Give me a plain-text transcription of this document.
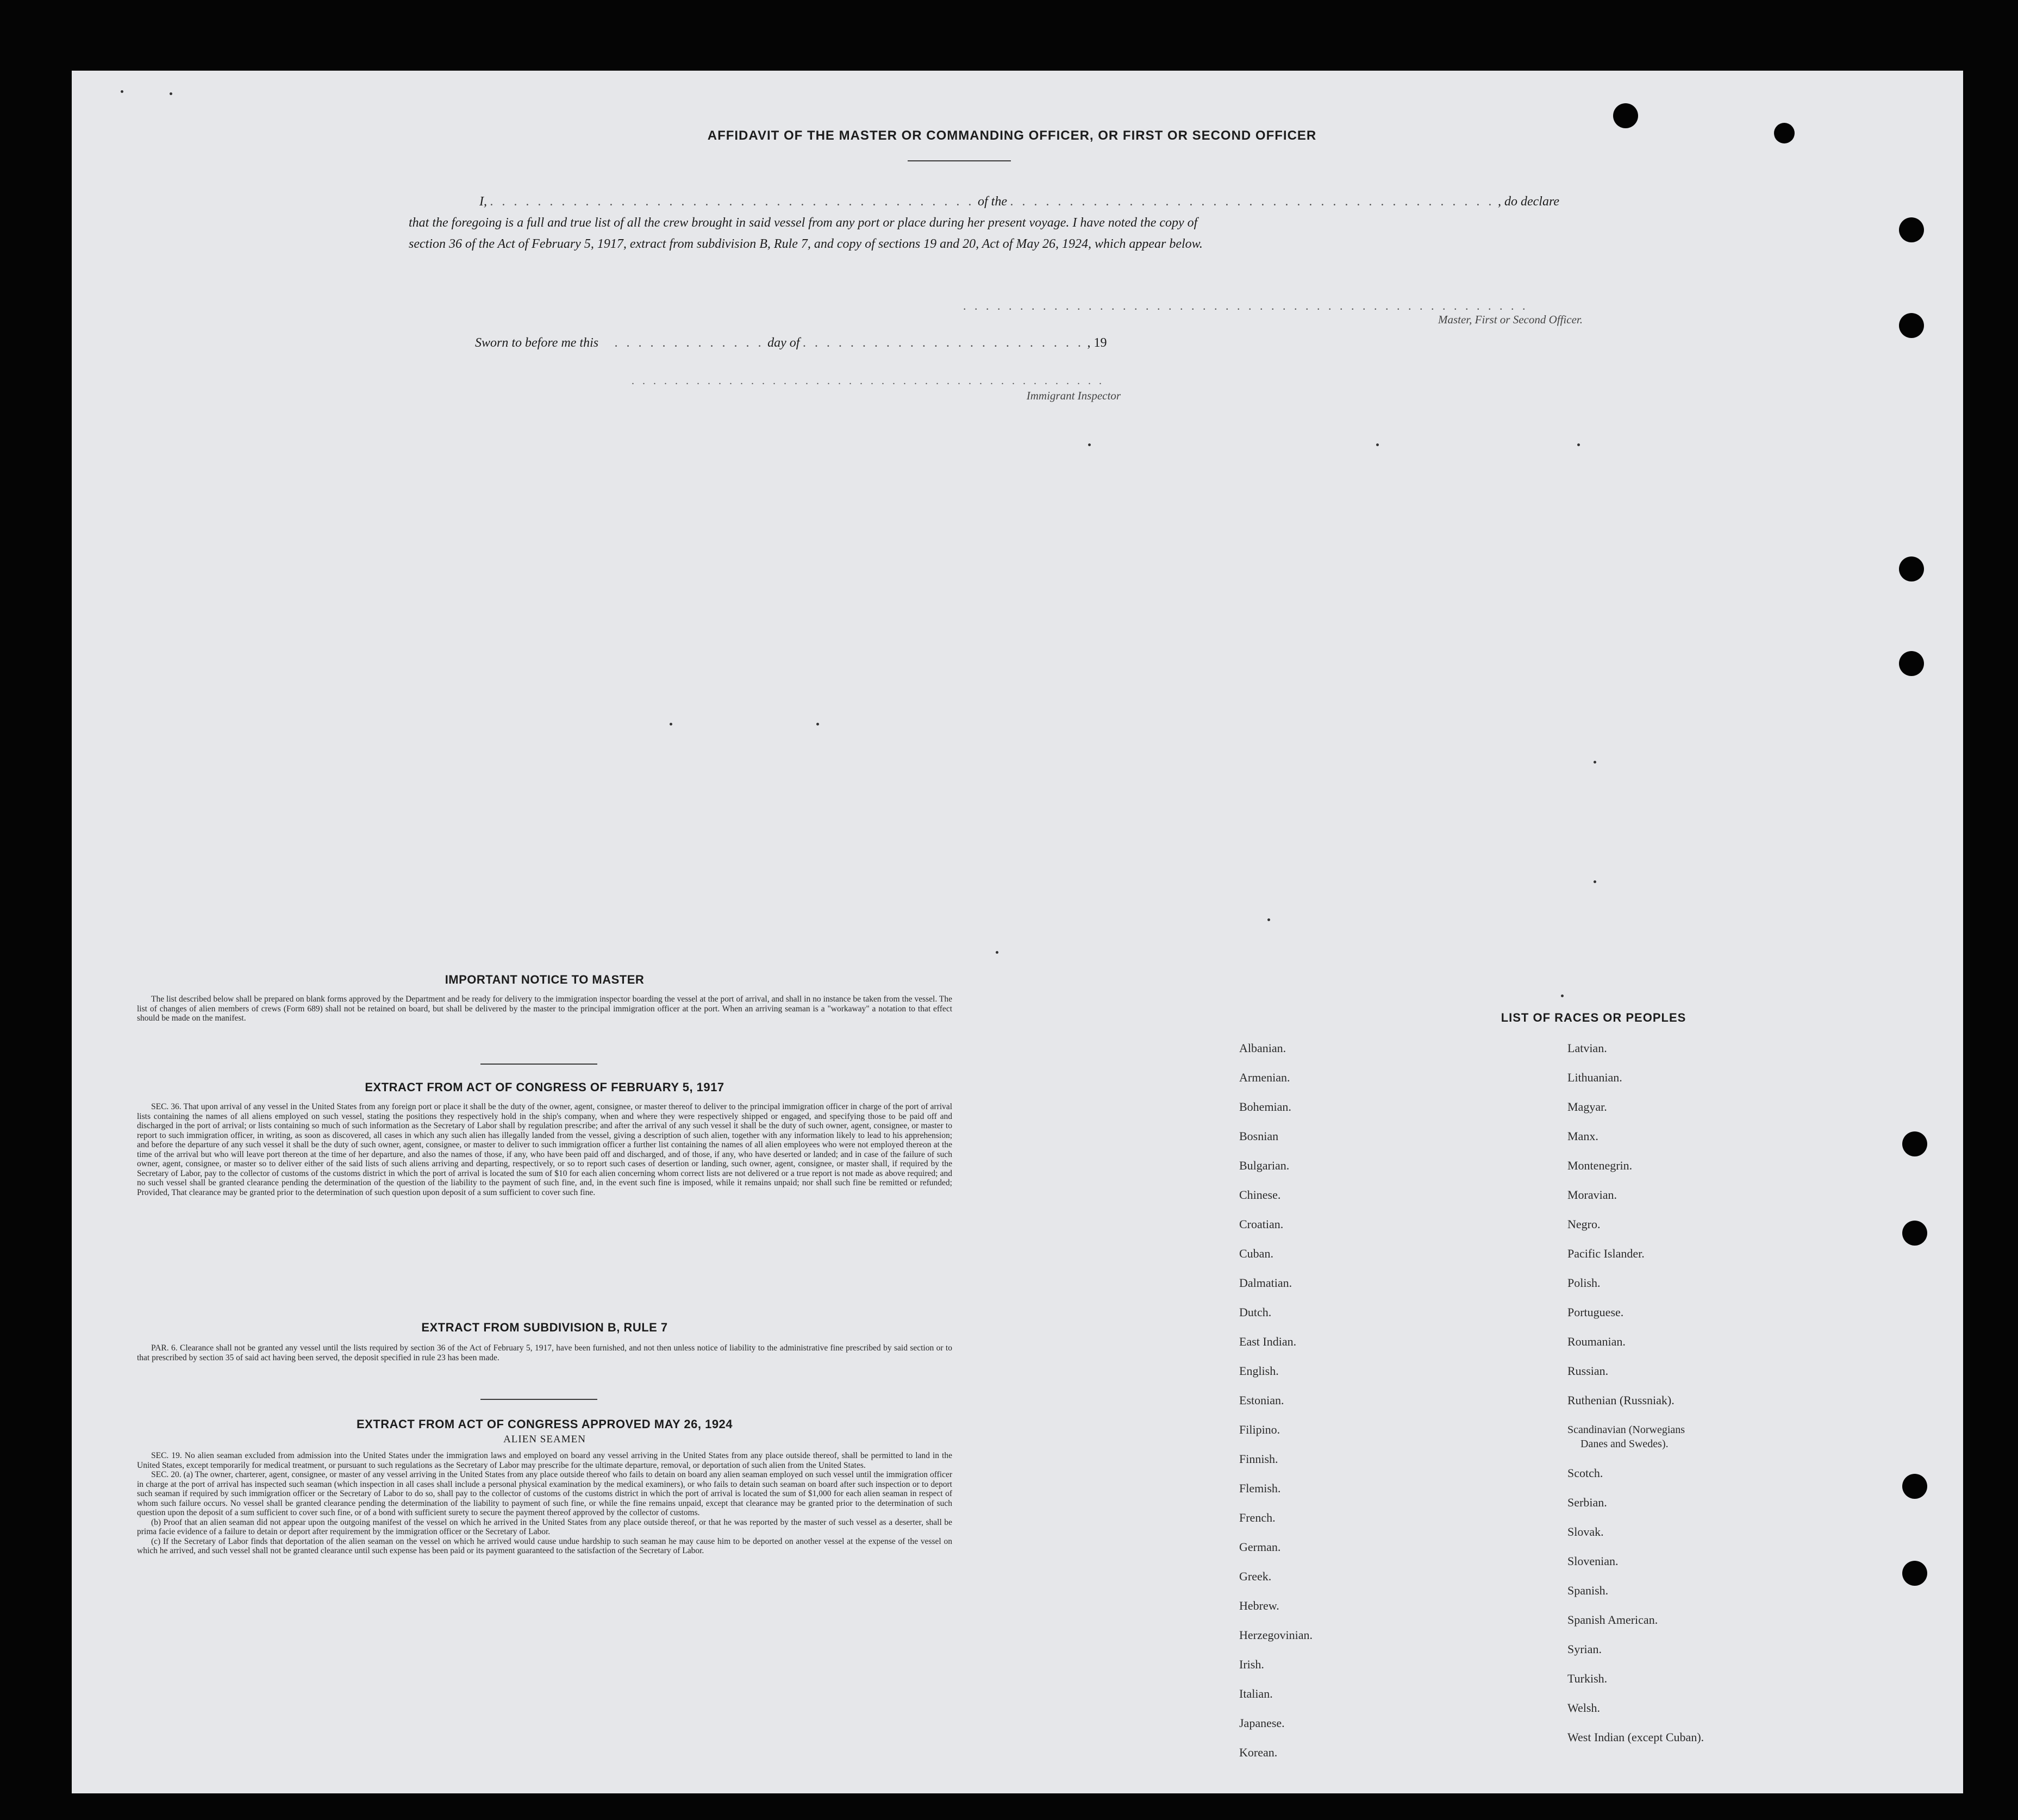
AFFIDAVIT OF THE MASTER OR COMMANDING OFFICER, OR FIRST OR SECOND OFFICER
I, . . . . . . . . . . . . . . . . . . . . . . . . . . . . . . . . . . . . . . . . . of the . . . . . . . . . . . . . . . . . . . . . . . . . . . . . . . . . . . . . . . . . , do declare
that the foregoing is a full and true list of all the crew brought in said vessel from any port or place during her present voyage. I have noted the copy of
section 36 of the Act of February 5, 1917, extract from subdivision B, Rule 7, and copy of sections 19 and 20, Act of May 26, 1924, which appear below.
. . . . . . . . . . . . . . . . . . . . . . . . . . . . . . . . . . . . . . . . . . . . . . . . . .
Master, First or Second Officer.
Sworn to before me this . . . . . . . . . . . . . day of . . . . . . . . . . . . . . . . . . . . . . . . , 19
. . . . . . . . . . . . . . . . . . . . . . . . . . . . . . . . . . . . . . . . . . . .
Immigrant Inspector
IMPORTANT NOTICE TO MASTER

The list described below shall be prepared on blank forms approved by the Department and be ready for delivery to the immigration inspector boarding the vessel at the port of arrival, and shall in no instance be taken from the vessel. The list of changes of alien members of crews (Form 689) shall not be retained on board, but shall be delivered by the master to the principal immigration officer at the port. When an arriving seaman is a "workaway" a notation to that effect should be made on the manifest.

EXTRACT FROM ACT OF CONGRESS OF FEBRUARY 5, 1917

SEC. 36. That upon arrival of any vessel in the United States from any foreign port or place it shall be the duty of the owner, agent, consignee, or master thereof to deliver to the principal immigration officer in charge of the port of arrival lists containing the names of all aliens employed on such vessel, stating the positions they respectively hold in the ship's company, when and where they were respectively shipped or engaged, and specifying those to be paid off and discharged in the port of arrival; or lists containing so much of such information as the Secretary of Labor shall by regulation prescribe; and after the arrival of any such vessel it shall be the duty of such owner, agent, consignee, or master to report to such immigration officer, in writing, as soon as discovered, all cases in which any such alien has illegally landed from the vessel, giving a description of such alien, together with any information likely to lead to his apprehension; and before the departure of any such vessel it shall be the duty of such owner, agent, consignee, or master to deliver to such immigration officer a further list containing the names of all alien employees who were not employed thereon at the time of the arrival but who will leave port thereon at the time of her departure, and also the names of those, if any, who have been paid off and discharged, and of those, if any, who have deserted or landed; and in case of the failure of such owner, agent, consignee, or master so to deliver either of the said lists of such aliens arriving and departing, respectively, or so to report such cases of desertion or landing, such owner, agent, consignee, or master shall, if required by the Secretary of Labor, pay to the collector of customs of the customs district in which the port of arrival is located the sum of $10 for each alien concerning whom correct lists are not delivered or a true report is not made as above required; and no such vessel shall be granted clearance pending the determination of the question of the liability to the payment of such fine, and, in the event such fine is imposed, while it remains unpaid; nor shall such fine be remitted or refunded; Provided, That clearance may be granted prior to the determination of such question upon deposit of a sum sufficient to cover such fine.

EXTRACT FROM SUBDIVISION B, RULE 7

PAR. 6. Clearance shall not be granted any vessel until the lists required by section 36 of the Act of February 5, 1917, have been furnished, and not then unless notice of liability to the administrative fine prescribed by said section or to that prescribed by section 35 of said act having been served, the deposit specified in rule 23 has been made.

EXTRACT FROM ACT OF CONGRESS APPROVED MAY 26, 1924
ALIEN SEAMEN

SEC. 19. No alien seaman excluded from admission into the United States under the immigration laws and employed on board any vessel arriving in the United States from any place outside thereof, shall be permitted to land in the United States, except temporarily for medical treatment, or pursuant to such regulations as the Secretary of Labor may prescribe for the ultimate departure, removal, or deportation of such alien from the United States.

SEC. 20. (a) The owner, charterer, agent, consignee, or master of any vessel arriving in the United States from any place outside thereof who fails to detain on board any alien seaman employed on such vessel until the immigration officer in charge at the port of arrival has inspected such seaman (which inspection in all cases shall include a personal physical examination by the medical examiners), or who fails to detain such seaman on board after such inspection or to deport such seaman if required by such immigration officer or the Secretary of Labor to do so, shall pay to the collector of customs of the customs district in which the port of arrival is located the sum of $1,000 for each alien seaman in respect of whom such failure occurs. No vessel shall be granted clearance pending the determination of the liability to payment of such fine, or while the fine remains unpaid, except that clearance may be granted prior to the determination of such question upon the deposit of a sum sufficient to cover such fine, or of a bond with sufficient surety to secure the payment thereof approved by the collector of customs.

(b) Proof that an alien seaman did not appear upon the outgoing manifest of the vessel on which he arrived in the United States from any place outside thereof, or that he was reported by the master of such vessel as a deserter, shall be prima facie evidence of a failure to detain or deport after requirement by the immigration officer or the Secretary of Labor.

(c) If the Secretary of Labor finds that deportation of the alien seaman on the vessel on which he arrived would cause undue hardship to such seaman he may cause him to be deported on another vessel at the expense of the vessel on which he arrived, and such vessel shall not be granted clearance until such expense has been paid or its payment guaranteed to the satisfaction of the Secretary of Labor.

LIST OF RACES OR PEOPLES
Albanian.
Armenian.
Bohemian.
Bosnian
Bulgarian.
Chinese.
Croatian.
Cuban.
Dalmatian.
Dutch.
East Indian.
English.
Estonian.
Filipino.
Finnish.
Flemish.
French.
German.
Greek.
Hebrew.
Herzegovinian.
Irish.
Italian.
Japanese.
Korean.
Latvian.
Lithuanian.
Magyar.
Manx.
Montenegrin.
Moravian.
Negro.
Pacific Islander.
Polish.
Portuguese.
Roumanian.
Russian.
Ruthenian (Russniak).
Scandinavian (Norwegians
Danes and Swedes).
Scotch.
Serbian.
Slovak.
Slovenian.
Spanish.
Spanish American.
Syrian.
Turkish.
Welsh.
West Indian (except Cuban).
